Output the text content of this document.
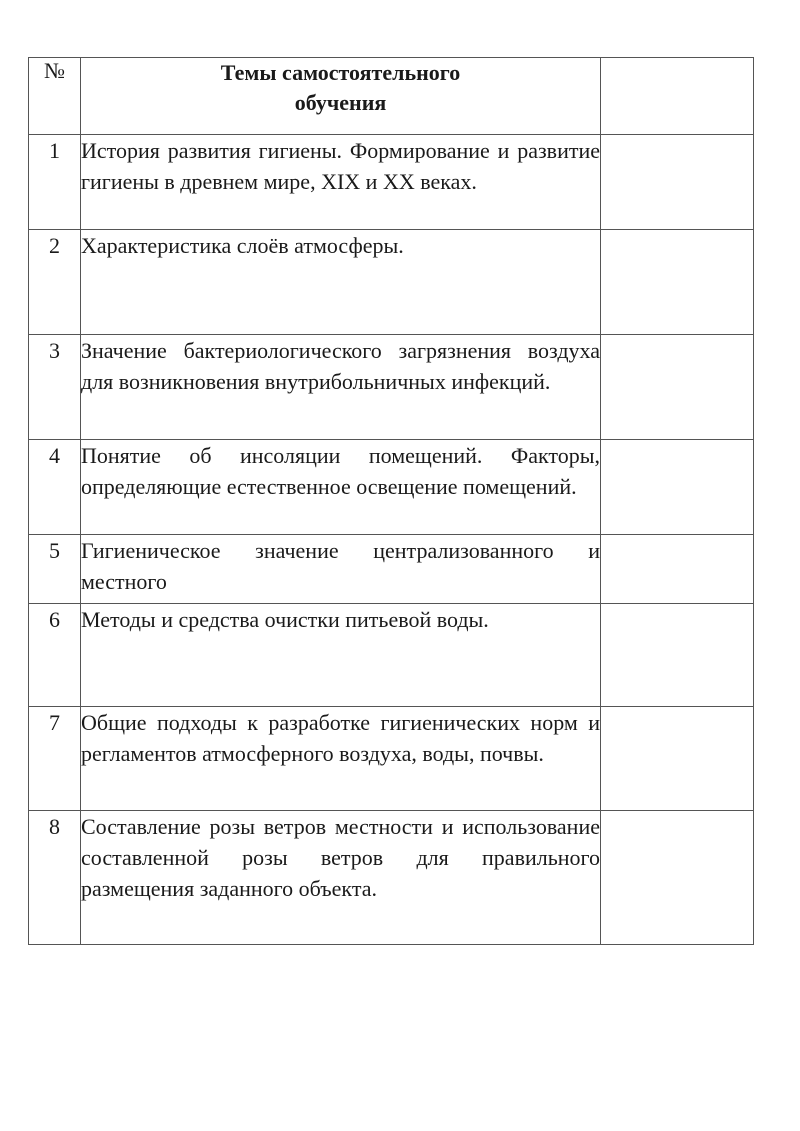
№	Темы самостоятельного обучения	

1	История развития гигиены. Формирование и развитие гигиены в древнем мире, XIX и XX веках.	

2	Характеристика слоёв атмосферы.	

3	Значение бактериологического загрязнения воздуха для возникновения внутрибольничных инфекций.	

4	Понятие об инсоляции помещений. Факторы, определяющие естественное освещение помещений.	

5	Гигиеническое значение централизованного и местного	

6	Методы и средства очистки питьевой воды.	

7	Общие подходы к разработке гигиенических норм и регламентов атмосферного воздуха, воды, почвы.	

8	Составление розы ветров местности и использование составленной розы ветров для правильного размещения заданного объекта.	
